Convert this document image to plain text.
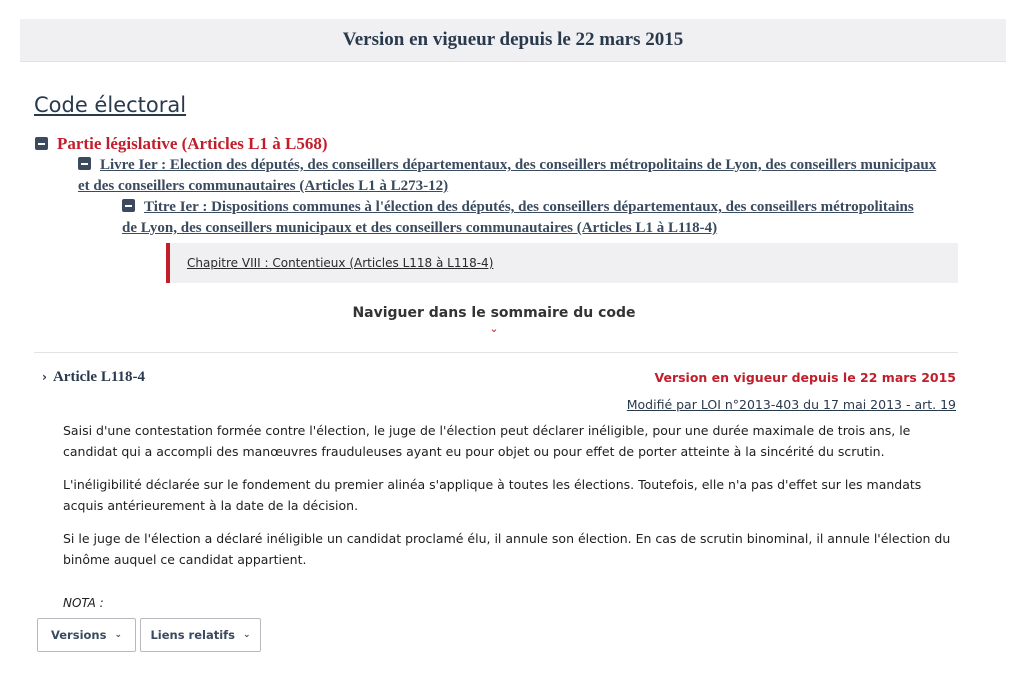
Version en vigueur depuis le 22 mars 2015
Code électoral
Partie législative (Articles L1 à L568)
Livre Ier : Election des députés, des conseillers départementaux, des conseillers métropolitains de Lyon, des conseillers municipaux et des conseillers communautaires (Articles L1 à L273-12)
Titre Ier : Dispositions communes à l'élection des députés, des conseillers départementaux, des conseillers métropolitains de Lyon, des conseillers municipaux et des conseillers communautaires (Articles L1 à L118-4)
Chapitre VIII : Contentieux (Articles L118 à L118-4)
Naviguer dans le sommaire du code
⌄
› Article L118-4	Version en vigueur depuis le 22 mars 2015
Modifié par LOI n°2013-403 du 17 mai 2013 - art. 19

Saisi d'une contestation formée contre l'élection, le juge de l'élection peut déclarer inéligible, pour une durée maximale de trois ans, le candidat qui a accompli des manœuvres frauduleuses ayant eu pour objet ou pour effet de porter atteinte à la sincérité du scrutin.

L'inéligibilité déclarée sur le fondement du premier alinéa s'applique à toutes les élections. Toutefois, elle n'a pas d'effet sur les mandats acquis antérieurement à la date de la décision.

Si le juge de l'élection a déclaré inéligible un candidat proclamé élu, il annule son élection. En cas de scrutin binominal, il annule l'élection du binôme auquel ce candidat appartient.

NOTA :
Versions ⌄ Liens relatifs ⌄
